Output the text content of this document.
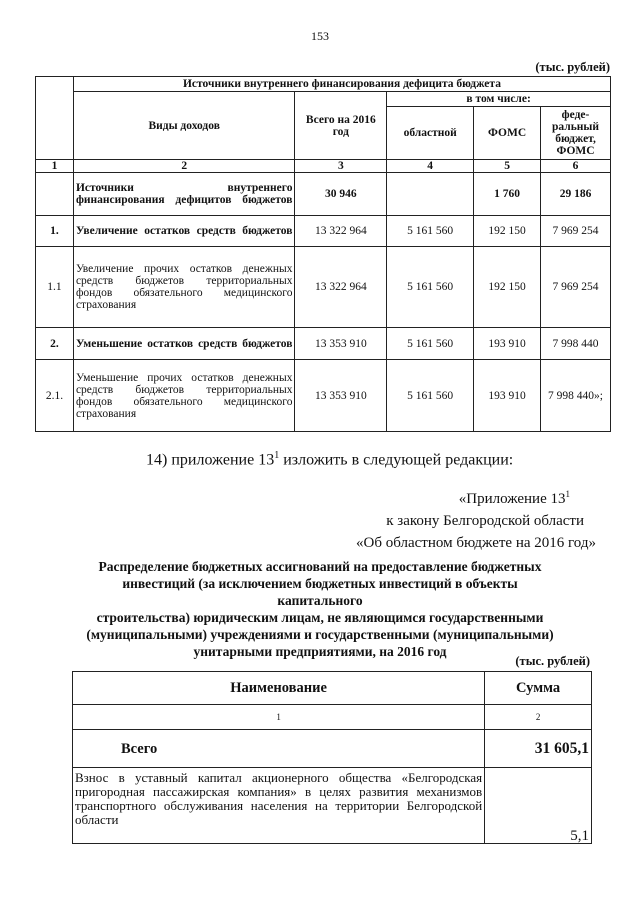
153
(тыс. рублей)
	Источники внутреннего финансирования дефицита бюджета				
	Виды доходов	Всего на 2016 год	в том числе:		
			областной	ФОМС	феде-ральный бюджет, ФОМС
1	2	3	4	5	6
	Источники внутреннего финансирования дефицитов бюджетов	30 946		1 760	29 186
1.	Увеличение остатков средств бюджетов	13 322 964	5 161 560	192 150	7 969 254
1.1	Увеличение прочих остатков денежных средств бюджетов территориальных фондов обязательного медицинского страхования	13 322 964	5 161 560	192 150	7 969 254
2.	Уменьшение остатков средств бюджетов	13 353 910	5 161 560	193 910	7 998 440
2.1.	Уменьшение прочих остатков денежных средств бюджетов территориальных фондов обязательного медицинского страхования	13 353 910	5 161 560	193 910	7 998 440»;
14) приложение $13^1$ изложить в следующей редакции:
«Приложение $13^1$
к закону Белгородской области
«Об областном бюджете на 2016 год»
Распределение бюджетных ассигнований на предоставление бюджетных
инвестиций (за исключением бюджетных инвестиций в объекты капитального
строительства) юридическим лицам, не являющимся государственными
(муниципальными) учреждениями и государственными (муниципальными)
унитарными предприятиями, на 2016 год
(тыс. рублей)
Наименование	Сумма
1	2
Всего	31 605,1
Взнос в уставный капитал акционерного общества «Белгородская пригородная пассажирская компания» в целях развития механизмов транспортного обслуживания населения на территории Белгородской области	5,1
